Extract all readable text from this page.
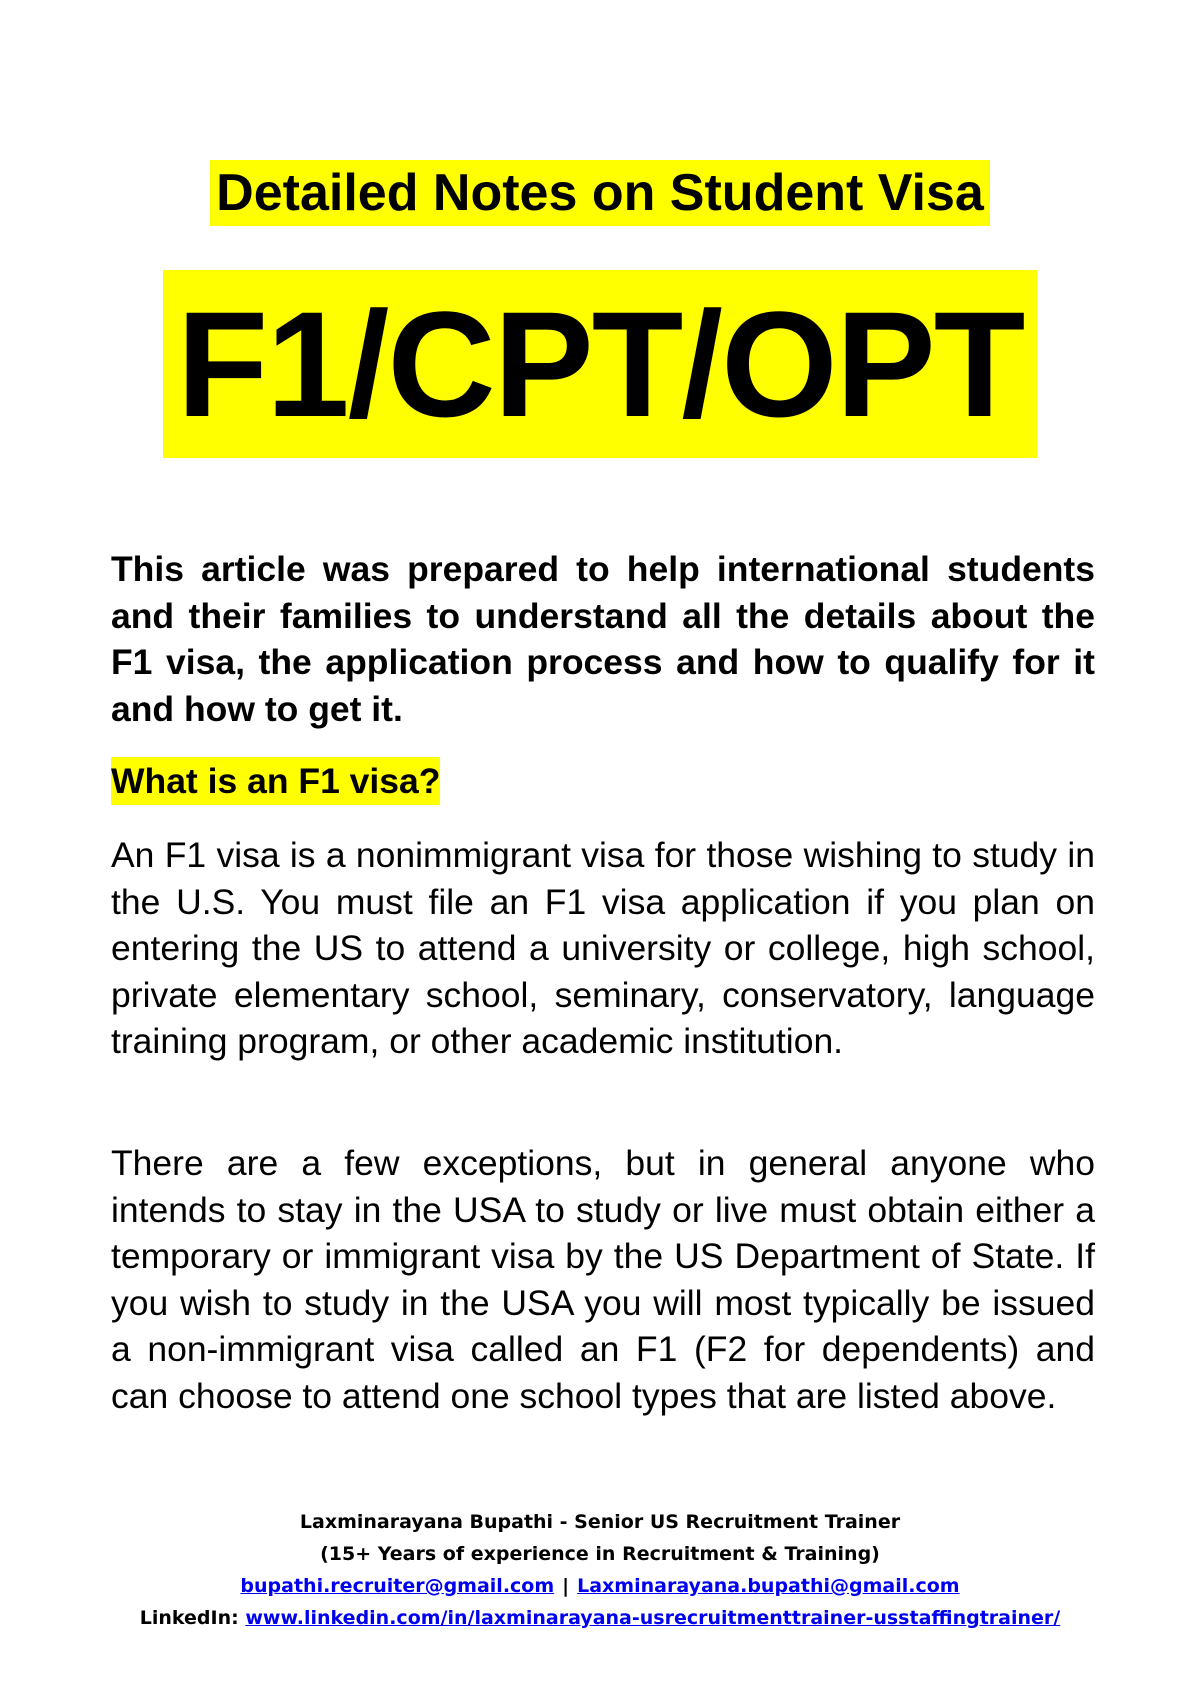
Detailed Notes on Student Visa
F1/CPT/OPT
This article was prepared to help international students and their families to understand all the details about the F1 visa, the application process and how to qualify for it and how to get it.
What is an F1 visa?
An F1 visa is a nonimmigrant visa for those wishing to study in the U.S. You must file an F1 visa application if you plan on entering the US to attend a university or college, high school, private elementary school, seminary, conservatory, language training program, or other academic institution.
There are a few exceptions, but in general anyone who intends to stay in the USA to study or live must obtain either a temporary or immigrant visa by the US Department of State. If you wish to study in the USA you will most typically be issued a non-immigrant visa called an F1 (F2 for dependents) and can choose to attend one school types that are listed above.
Laxminarayana Bupathi - Senior US Recruitment Trainer
(15+ Years of experience in Recruitment & Training)
bupathi.recruiter@gmail.com | Laxminarayana.bupathi@gmail.com
LinkedIn: www.linkedin.com/in/laxminarayana-usrecruitmenttrainer-usstaffingtrainer/
